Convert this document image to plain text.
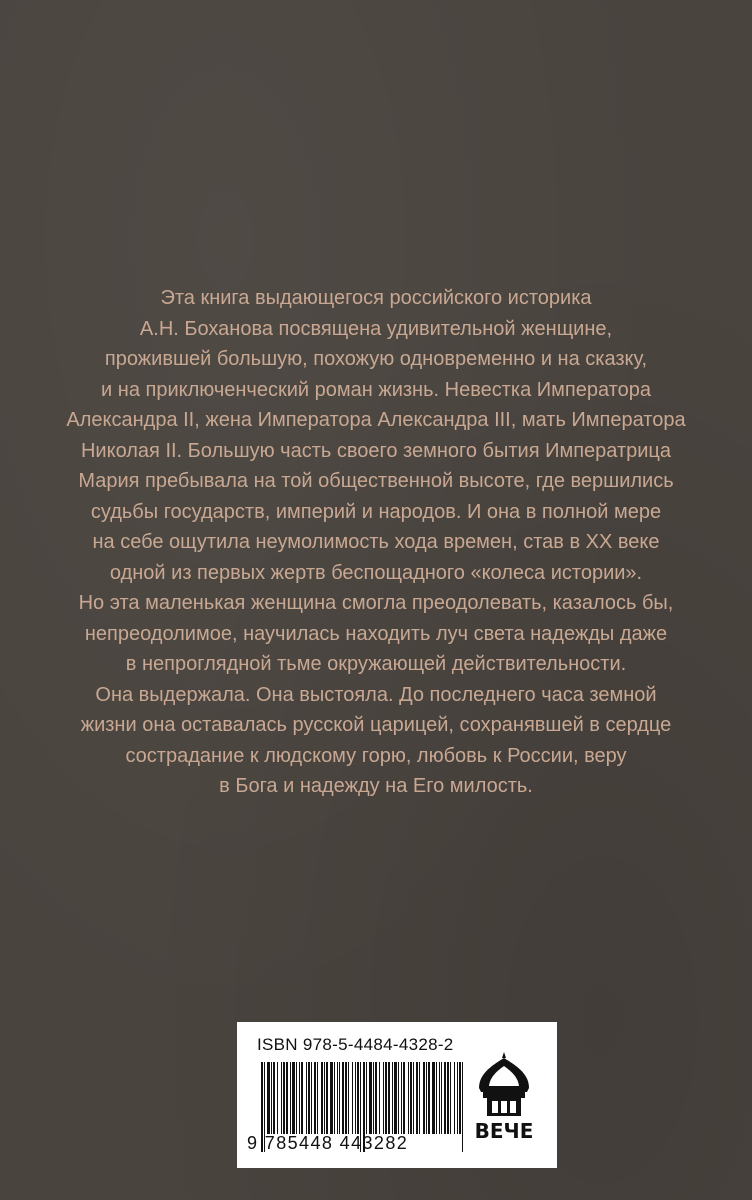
Эта книга выдающегося российского историка
А.Н. Боханова посвящена удивительной женщине,
прожившей большую, похожую одновременно и на сказку,
и на приключенческий роман жизнь. Невестка Императора
Александра II, жена Императора Александра III, мать Императора
Николая II. Большую часть своего земного бытия Императрица
Мария пребывала на той общественной высоте, где вершились
судьбы государств, империй и народов. И она в полной мере
на себе ощутила неумолимость хода времен, став в XX веке
одной из первых жертв беспощадного «колеса истории».
Но эта маленькая женщина смогла преодолевать, казалось бы,
непреодолимое, научилась находить луч света надежды даже
в непроглядной тьме окружающей действительности.
Она выдержала. Она выстояла. До последнего часа земной
жизни она оставалась русской царицей, сохранявшей в сердце
сострадание к людскому горю, любовь к России, веру
в Бога и надежду на Его милость.
ISBN 978-5-4484-4328-2
9 785448 443282	ВЕЧЕ
